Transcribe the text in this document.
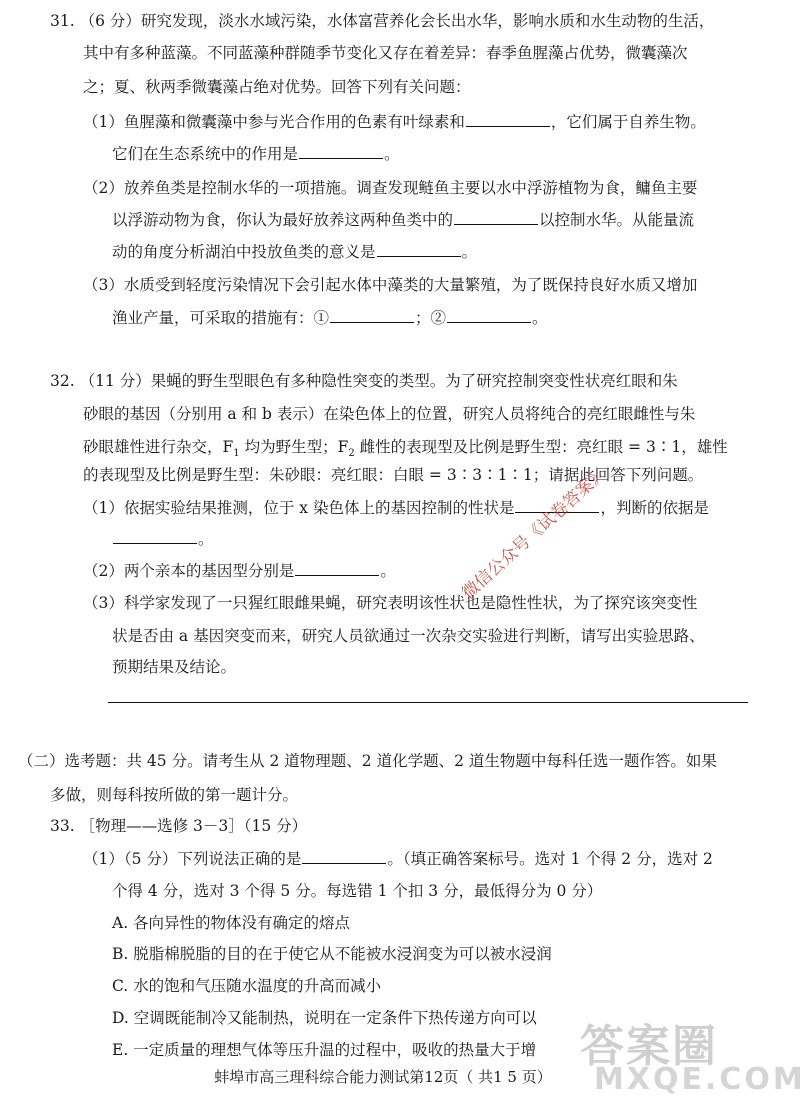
31. （6 分）研究发现，淡水水域污染，水体富营养化会长出水华，影响水质和水生动物的生活，
其中有多种蓝藻。不同蓝藻种群随季节变化又存在着差异：春季鱼腥藻占优势，微囊藻次
之；夏、秋两季微囊藻占绝对优势。回答下列有关问题：
（1）鱼腥藻和微囊藻中参与光合作用的色素有叶绿素和	，它们属于自养生物。
它们在生态系统中的作用是	。
（2）放养鱼类是控制水华的一项措施。调查发现鲢鱼主要以水中浮游植物为食，鳙鱼主要
以浮游动物为食，你认为最好放养这两种鱼类中的	以控制水华。从能量流
动的角度分析湖泊中投放鱼类的意义是	。
（3）水质受到轻度污染情况下会引起水体中藻类的大量繁殖，为了既保持良好水质又增加
渔业产量，可采取的措施有：①	；②	。
32. （11 分）果蝇的野生型眼色有多种隐性突变的类型。为了研究控制突变性状亮红眼和朱
砂眼的基因（分别用 a 和 b 表示）在染色体上的位置，研究人员将纯合的亮红眼雌性与朱
砂眼雄性进行杂交，$F_1$ 均为野生型；$F_2$ 雌性的表现型及比例是野生型：亮红眼 = 3∶1，雄性
的表现型及比例是野生型：朱砂眼：亮红眼：白眼 = 3∶3∶1∶1；请据此回答下列问题。
（1）依据实验结果推测，位于 x 染色体上的基因控制的性状是	，判断的依据是
。
（2）两个亲本的基因型分别是	。
（3）科学家发现了一只猩红眼雌果蝇，研究表明该性状也是隐性性状，为了探究该突变性
状是否由 a 基因突变而来，研究人员欲通过一次杂交实验进行判断，请写出实验思路、
预期结果及结论。
（二）选考题：共 45 分。请考生从 2 道物理题、2 道化学题、2 道生物题中每科任选一题作答。如果
多做，则每科按所做的第一题计分。
33. ［物理——选修 3－3］（15 分）
（1）（5 分）下列说法正确的是	。（填正确答案标号。选对 1 个得 2 分，选对 2
个得 4 分，选对 3 个得 5 分。每选错 1 个扣 3 分，最低得分为 0 分）
A. 各向异性的物体没有确定的熔点
B. 脱脂棉脱脂的目的在于使它从不能被水浸润变为可以被水浸润
C. 水的饱和气压随水温度的升高而减小
D. 空调既能制冷又能制热，说明在一定条件下热传递方向可以
E. 一定质量的理想气体等压升温的过程中，吸收的热量大于增
微信公众号《试卷答案》
答案圈
MXQE.COM
蚌埠市高三理科综合能力测试第12页（ 共1 5 页）
